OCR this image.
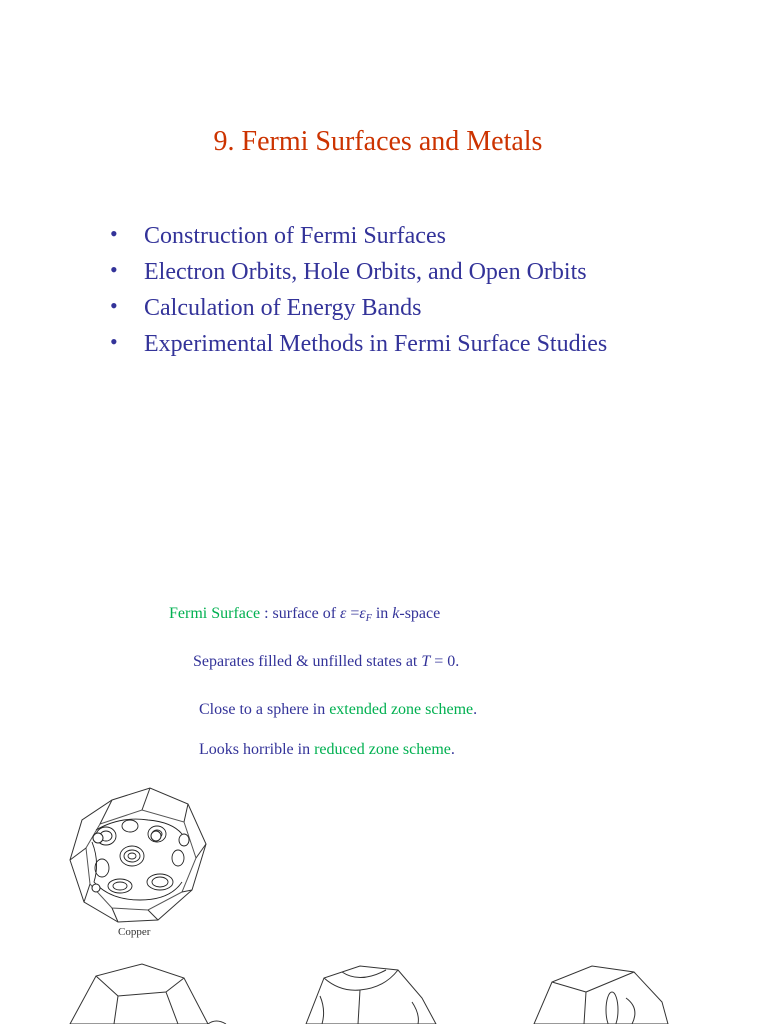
9. Fermi Surfaces and Metals
• Construction of Fermi Surfaces
• Electron Orbits, Hole Orbits, and Open Orbits
• Calculation of Energy Bands
• Experimental Methods in Fermi Surface Studies
Fermi Surface : surface of $\varepsilon =\varepsilon_F$ in k-space
Separates filled & unfilled states at T = 0.
Close to a sphere in extended zone scheme.
Looks horrible in reduced zone scheme.
Copper
